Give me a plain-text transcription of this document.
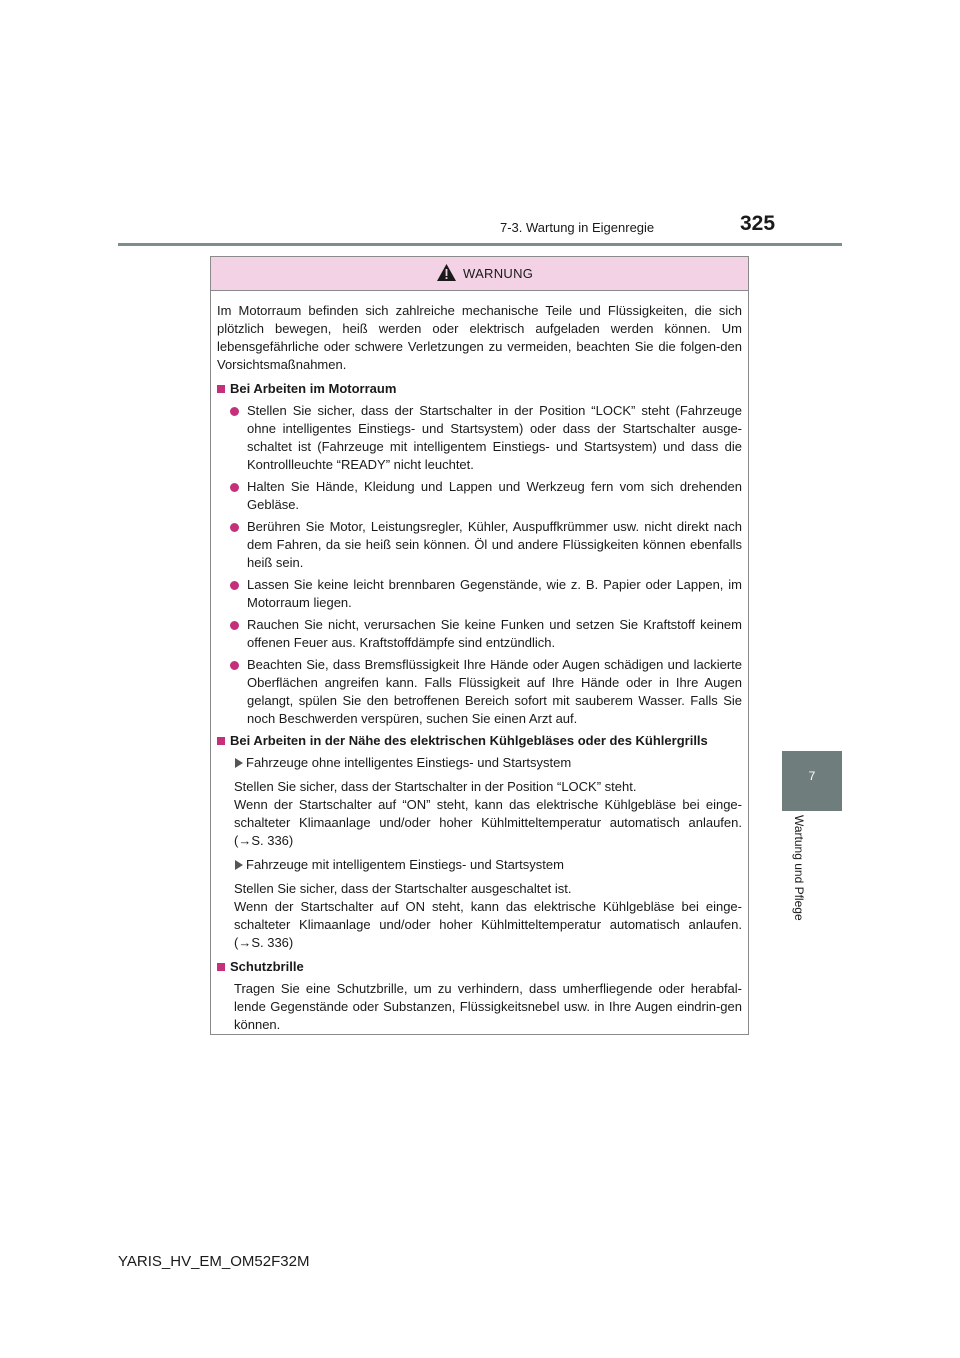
7-3. Wartung in Eigenregie	325
7
Wartung und Pflege
WARNUNG

Im Motorraum befinden sich zahlreiche mechanische Teile und Flüssigkeiten, die sich plötzlich bewegen, heiß werden oder elektrisch aufgeladen werden können. Um lebensgefährliche oder schwere Verletzungen zu vermeiden, beachten Sie die folgen-den Vorsichtsmaßnahmen.

Bei Arbeiten im Motorraum
Stellen Sie sicher, dass der Startschalter in der Position “LOCK” steht (Fahrzeuge ohne intelligentes Einstiegs- und Startsystem) oder dass der Startschalter ausge-schaltet ist (Fahrzeuge mit intelligentem Einstiegs- und Startsystem) und dass die Kontrollleuchte “READY” nicht leuchtet.
Halten Sie Hände, Kleidung und Lappen und Werkzeug fern vom sich drehenden Gebläse.
Berühren Sie Motor, Leistungsregler, Kühler, Auspuffkrümmer usw. nicht direkt nach dem Fahren, da sie heiß sein können. Öl und andere Flüssigkeiten können ebenfalls heiß sein.
Lassen Sie keine leicht brennbaren Gegenstände, wie z. B. Papier oder Lappen, im Motorraum liegen.
Rauchen Sie nicht, verursachen Sie keine Funken und setzen Sie Kraftstoff keinem offenen Feuer aus. Kraftstoffdämpfe sind entzündlich.
Beachten Sie, dass Bremsflüssigkeit Ihre Hände oder Augen schädigen und lackierte Oberflächen angreifen kann. Falls Flüssigkeit auf Ihre Hände oder in Ihre Augen gelangt, spülen Sie den betroffenen Bereich sofort mit sauberem Wasser. Falls Sie noch Beschwerden verspüren, suchen Sie einen Arzt auf.
Bei Arbeiten in der Nähe des elektrischen Kühlgebläses oder des Kühlergrills
Fahrzeuge ohne intelligentes Einstiegs- und Startsystem
Stellen Sie sicher, dass der Startschalter in der Position “LOCK” steht.
Wenn der Startschalter auf “ON” steht, kann das elektrische Kühlgebläse bei einge-schalteter Klimaanlage und/oder hoher Kühlmitteltemperatur automatisch anlaufen. (→S. 336)
Fahrzeuge mit intelligentem Einstiegs- und Startsystem
Stellen Sie sicher, dass der Startschalter ausgeschaltet ist.
Wenn der Startschalter auf ON steht, kann das elektrische Kühlgebläse bei einge-schalteter Klimaanlage und/oder hoher Kühlmitteltemperatur automatisch anlaufen. (→S. 336)
Schutzbrille
Tragen Sie eine Schutzbrille, um zu verhindern, dass umherfliegende oder herabfal-lende Gegenstände oder Substanzen, Flüssigkeitsnebel usw. in Ihre Augen eindrin-gen können.
YARIS_HV_EM_OM52F32M
